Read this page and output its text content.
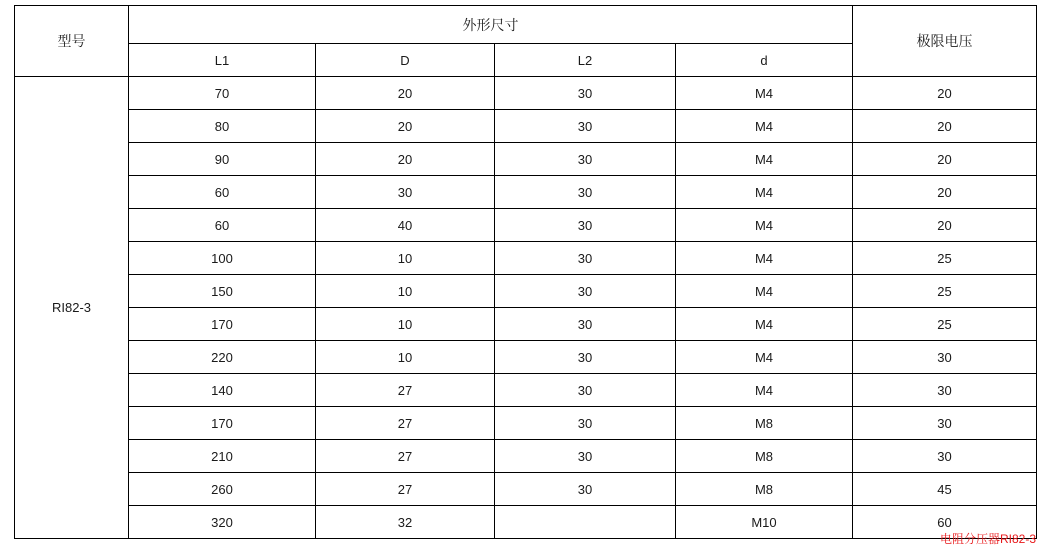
型号	外形尺寸				极限电压
	L1	D	L2	d	
RI82-3	70	20	30	M4	20
	80	20	30	M4	20
	90	20	30	M4	20
	60	30	30	M4	20
	60	40	30	M4	20
	100	10	30	M4	25
	150	10	30	M4	25
	170	10	30	M4	25
	220	10	30	M4	30
	140	27	30	M4	30
	170	27	30	M8	30
	210	27	30	M8	30
	260	27	30	M8	45
	320	32		M10	60
电阻分压器RI82-3
